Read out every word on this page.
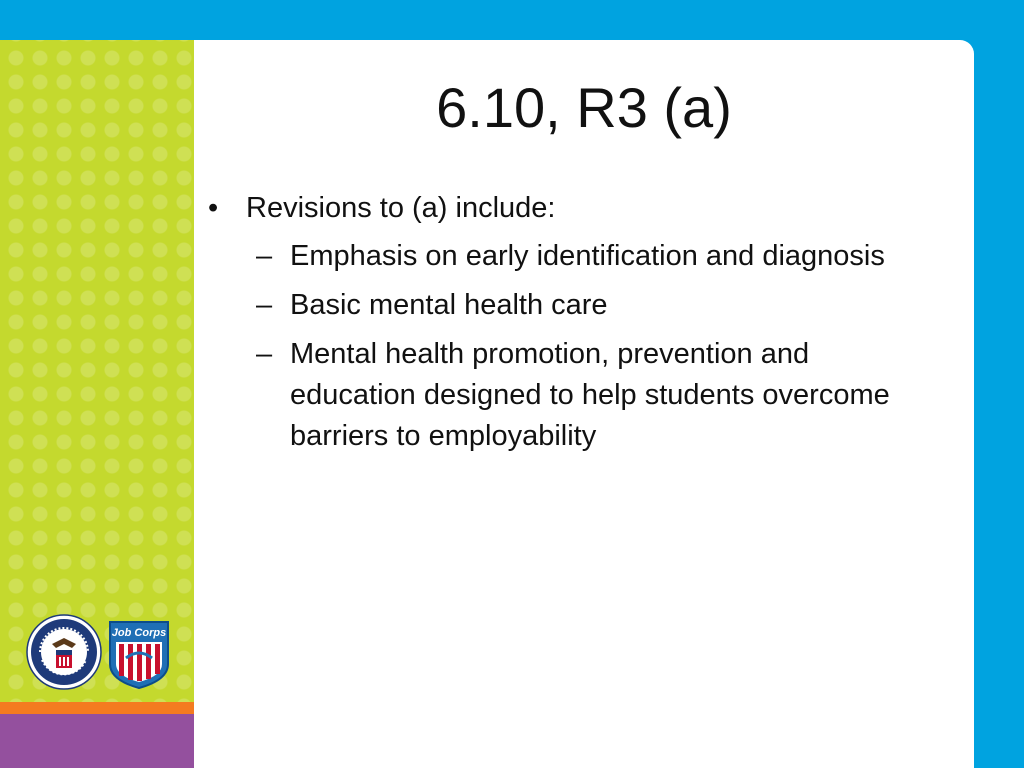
6.10, R3 (a)
• Revisions to (a) include:
– Emphasis on early identification and diagnosis
– Basic mental health care
– Mental health promotion, prevention and education designed to help students overcome barriers to employability
Job Corps
